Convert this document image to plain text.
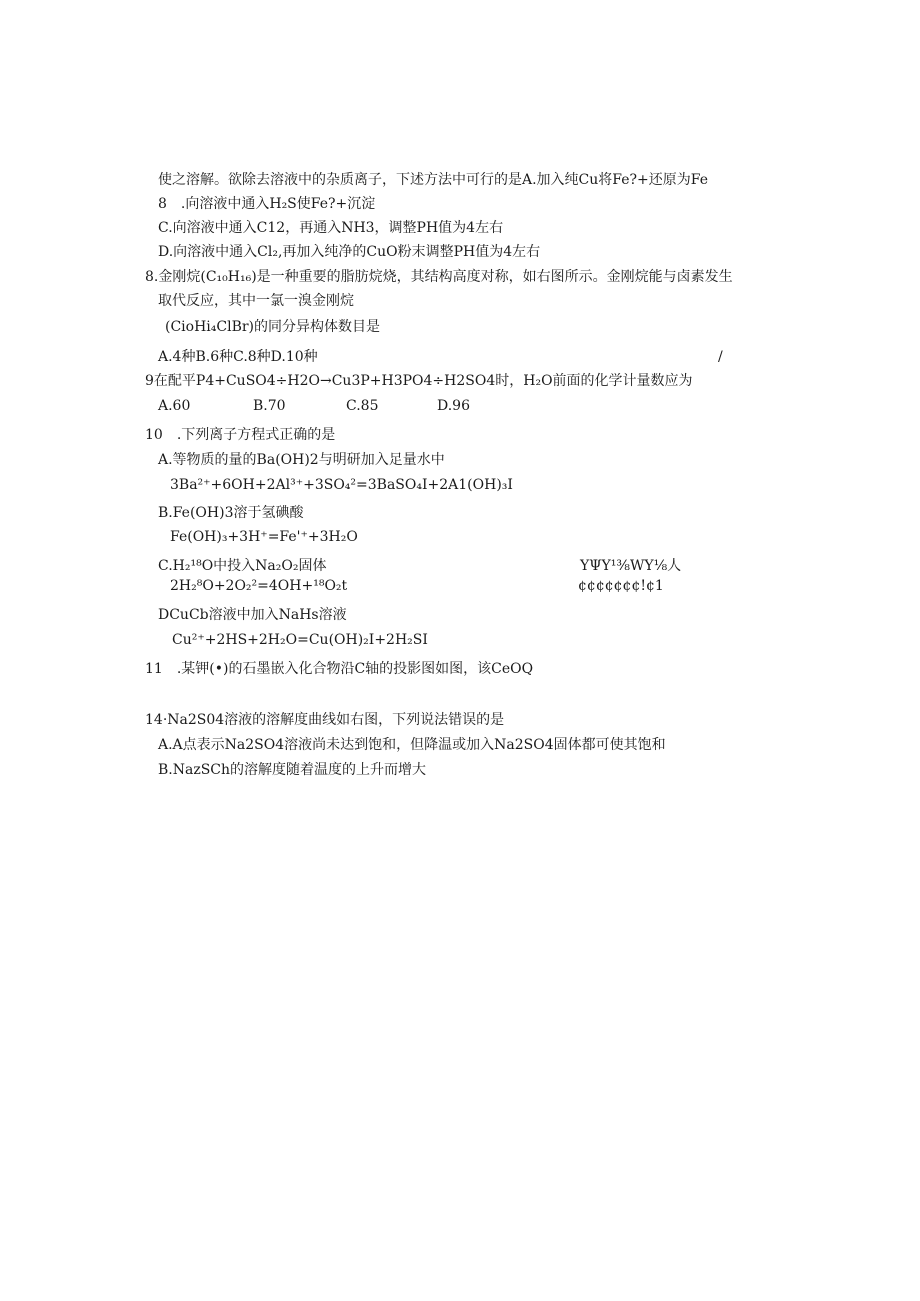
使之溶解。欲除去溶液中的杂质离子，下述方法中可行的是A.加入纯Cu将Fe?+还原为Fe
8　.向溶液中通入H₂S使Fe?+沉淀
C.向溶液中通入C12，再通入NH3，调整PH值为4左右
D.向溶液中通入Cl₂,再加入纯净的CuO粉末调整PH值为4左右
8.金刚烷(C₁₀H₁₆)是一种重要的脂肪烷烧，其结构高度对称，如右图所示。金刚烷能与卤素发生
取代反应，其中一氯一溴金刚烷
(CioHi₄ClBr)的同分异构体数目是
A.4种B.6种C.8种D.10种	/
9在配平P4+CuSO4÷H2O→Cu3P+H3PO4÷H2SO4时，H₂O前面的化学计量数应为
A.60	B.70	C.85	D.96
10　.下列离子方程式正确的是
A.等物质的量的Ba(OH)2与明研加入足量水中
3Ba²⁺+6OH+2Al³⁺+3SO₄²=3BaSO₄I+2A1(OH)₃I
B.Fe(OH)3溶于氢碘酸
Fe(OH)₃+3H⁺=Fe'⁺+3H₂O
C.H₂¹⁸O中投入Na₂O₂固体	YΨY¹⅜WY⅛人
2H₂⁸O+2O₂²=4OH+¹⁸O₂t	¢¢¢¢¢¢¢!¢1
DCuCb溶液中加入NaHs溶液
Cu²⁺+2HS+2H₂O=Cu(OH)₂I+2H₂SI
11　.某钾(•)的石墨嵌入化合物沿C轴的投影图如图，该CeOQ
14·Na2S04溶液的溶解度曲线如右图，下列说法错误的是
A.A点表示Na2SO4溶液尚未达到饱和，但降温或加入Na2SO4固体都可使其饱和
B.NazSCh的溶解度随着温度的上升而增大
